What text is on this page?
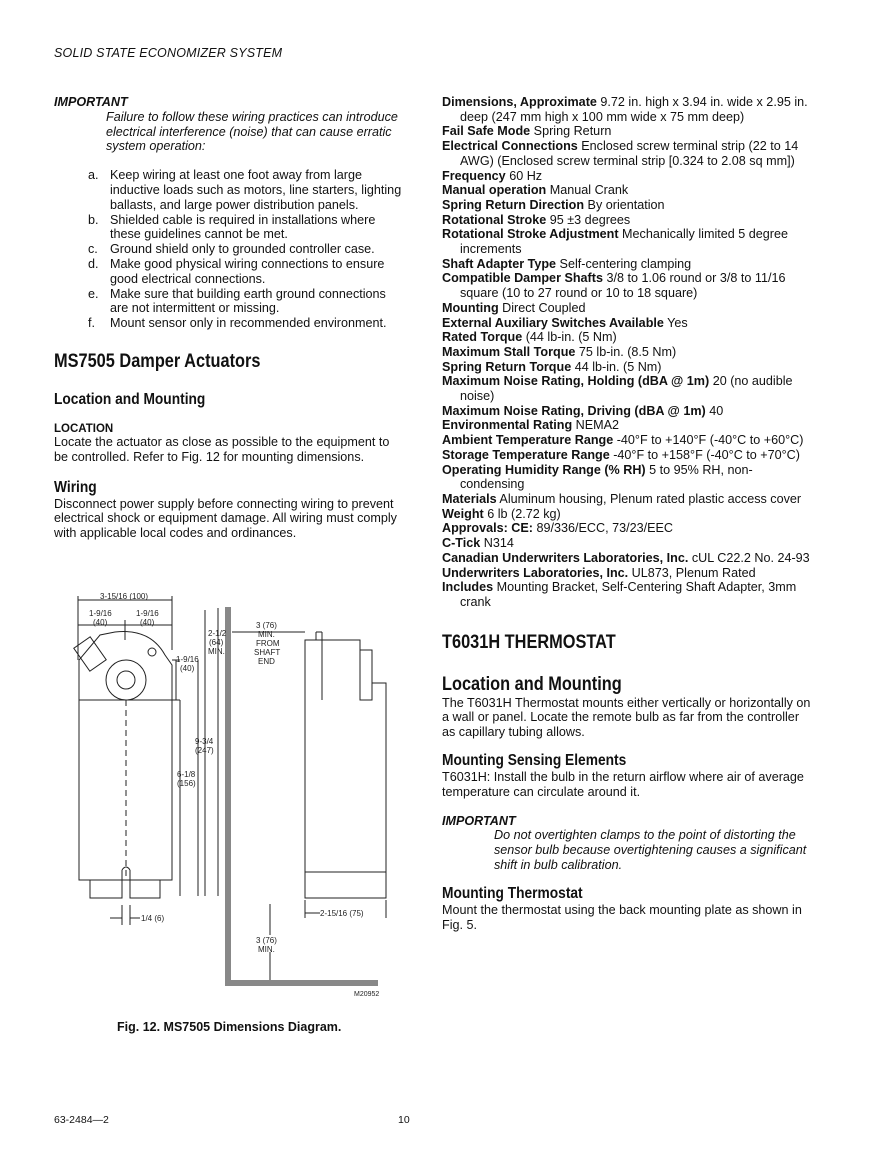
SOLID STATE ECONOMIZER SYSTEM
IMPORTANT
Failure to follow these wiring practices can introduce electrical interference (noise) that can cause erratic system operation:
a. Keep wiring at least one foot away from large inductive loads such as motors, line starters, lighting ballasts, and large power distribution panels.
b. Shielded cable is required in installations where these guidelines cannot be met.
c. Ground shield only to grounded controller case.
d. Make good physical wiring connections to ensure good electrical connections.
e. Make sure that building earth ground connections are not intermittent or missing.
f. Mount sensor only in recommended environment.
MS7505 Damper Actuators
Location and Mounting
LOCATION
Locate the actuator as close as possible to the equipment to be controlled. Refer to Fig. 12 for mounting dimensions.
Wiring
Disconnect power supply before connecting wiring to prevent electrical shock or equipment damage. All wiring must comply with applicable local codes and ordinances.
3-15/16 (100)
1-9/16
(40)
1-9/16
(40)
2-1/2
(64)
MIN.
1-9/16
(40)
9-3/4
(247)
6-1/8
(156)
1/4 (6)
3 (76)
MIN.
FROM
SHAFT
END
2-15/16 (75)
3 (76)
MIN.
M20952
Fig. 12. MS7505 Dimensions Diagram.
Dimensions, Approximate 9.72 in. high x 3.94 in. wide x 2.95 in. deep (247 mm high x 100 mm wide x 75 mm deep)
Fail Safe Mode Spring Return
Electrical Connections Enclosed screw terminal strip (22 to 14 AWG) (Enclosed screw terminal strip [0.324 to 2.08 sq mm])
Frequency 60 Hz
Manual operation Manual Crank
Spring Return Direction By orientation
Rotational Stroke 95 ±3 degrees
Rotational Stroke Adjustment Mechanically limited 5 degree increments
Shaft Adapter Type Self-centering clamping
Compatible Damper Shafts 3/8 to 1.06 round or 3/8 to 11/16 square (10 to 27 round or 10 to 18 square)
Mounting Direct Coupled
External Auxiliary Switches Available Yes
Rated Torque (44 lb-in. (5 Nm)
Maximum Stall Torque 75 lb-in. (8.5 Nm)
Spring Return Torque 44 lb-in. (5 Nm)
Maximum Noise Rating, Holding (dBA @ 1m) 20 (no audible noise)
Maximum Noise Rating, Driving (dBA @ 1m) 40
Environmental Rating NEMA2
Ambient Temperature Range -40°F to +140°F (-40°C to +60°C)
Storage Temperature Range -40°F to +158°F (-40°C to +70°C)
Operating Humidity Range (% RH) 5 to 95% RH, non-condensing
Materials Aluminum housing, Plenum rated plastic access cover
Weight 6 lb (2.72 kg)
Approvals: CE: 89/336/ECC, 73/23/EEC
C-Tick N314
Canadian Underwriters Laboratories, Inc. cUL C22.2 No. 24-93
Underwriters Laboratories, Inc. UL873, Plenum Rated
Includes Mounting Bracket, Self-Centering Shaft Adapter, 3mm crank
T6031H THERMOSTAT
Location and Mounting
The T6031H Thermostat mounts either vertically or horizontally on a wall or panel. Locate the remote bulb as far from the controller as capillary tubing allows.
Mounting Sensing Elements
T6031H: Install the bulb in the return airflow where air of average temperature can circulate around it.
IMPORTANT
Do not overtighten clamps to the point of distorting the sensor bulb because overtightening causes a significant shift in bulb calibration.
Mounting Thermostat
Mount the thermostat using the back mounting plate as shown in Fig. 5.
63-2484—2	10
